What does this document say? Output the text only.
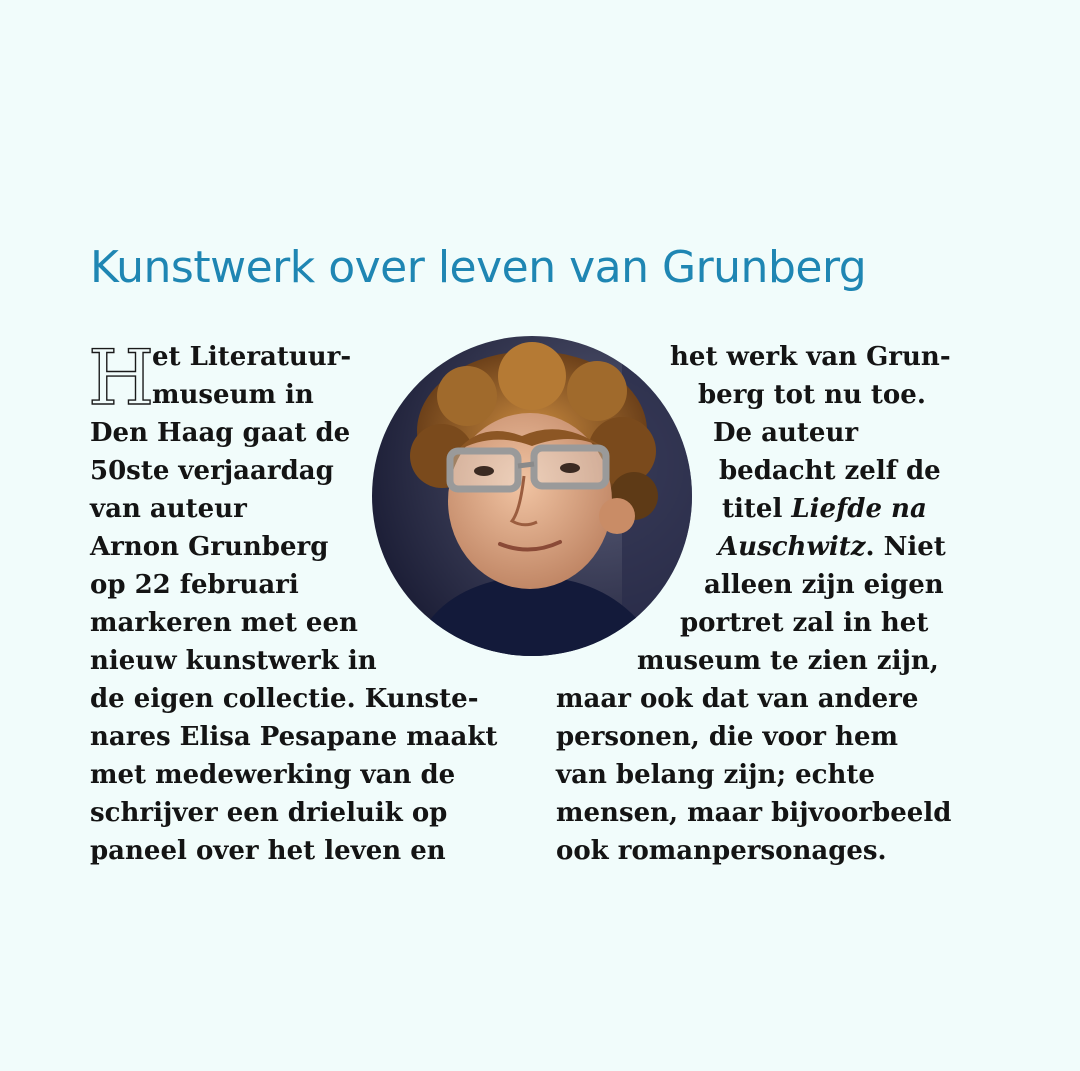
Kunstwerk over leven van Grunberg
H
et Literatuur-
museum in
Den Haag gaat de
50ste verjaardag
van auteur
Arnon Grunberg
op 22 februari
markeren met een
nieuw kunstwerk in
de eigen collectie. Kunste-
nares Elisa Pesapane maakt
met medewerking van de
schrijver een drieluik op
paneel over het leven en
het werk van Grun-
berg tot nu toe.
De auteur
bedacht zelf de
titel Liefde na
Auschwitz. Niet
alleen zijn eigen
portret zal in het
museum te zien zijn,
maar ook dat van andere
personen, die voor hem
van belang zijn; echte
mensen, maar bijvoorbeeld
ook romanpersonages.
